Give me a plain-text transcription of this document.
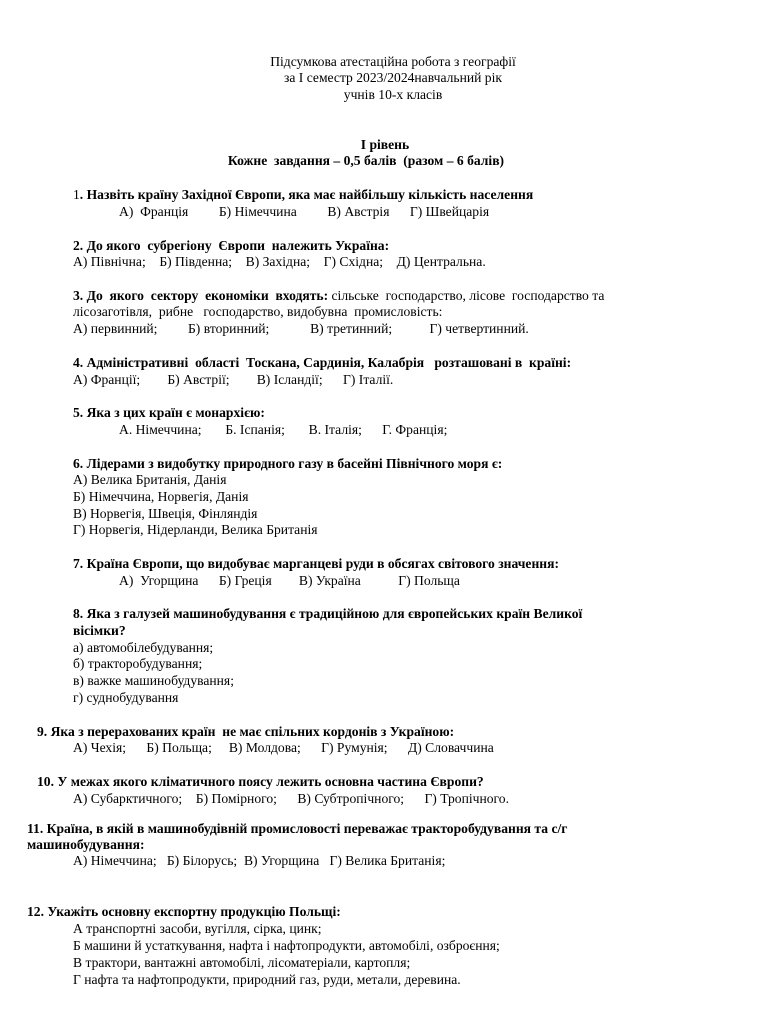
Підсумкова атестаційна робота з географії
за І семестр 2023/2024навчальний рік
учнів 10-х класів
І рівень
Кожне  завдання – 0,5 балів  (разом – 6 балів)
1. Назвіть країну Західної Європи, яка має найбільшу кількість населення
А)  Франція         Б) Німеччина         В) Австрія      Г) Швейцарія
2. До якого  субрегіону  Європи  належить Україна:
А) Північна;    Б) Південна;    В) Західна;    Г) Східна;    Д) Центральна.
3. До  якого  сектору  економіки  входять: сільське  господарство, лісове  господарство та
лісозаготівля,  рибне   господарство, видобувна  промисловість:
А) первинний;         Б) вторинний;            В) третинний;           Г) четвертинний.
4. Адміністративні  області  Тоскана, Сардинія, Калабрія   розташовані в  країні:
А) Франції;        Б) Австрії;        В) Ісландії;      Г) Італії.
5. Яка з цих країн є монархією:
А. Німеччина;       Б. Іспанія;       В. Італія;      Г. Франція;
6. Лідерами з видобутку природного газу в басейні Північного моря є:
А) Велика Британія, Данія
Б) Німеччина, Норвегія, Данія
В) Норвегія, Швеція, Фінляндія
Г) Норвегія, Нідерланди, Велика Британія
7. Країна Європи, що видобуває марганцеві руди в обсягах світового значення:
А)  Угорщина      Б) Греція        В) Україна           Г) Польща
8. Яка з галузей машинобудування є традиційною для європейських країн Великої
вісімки?
а) автомобілебудування;
б) тракторобудування;
в) важке машинобудування;
г) суднобудування
9. Яка з перерахованих країн  не має спільних кордонів з Україною:
А) Чехія;      Б) Польща;     В) Молдова;      Г) Румунія;      Д) Словаччина
10. У межах якого кліматичного поясу лежить основна частина Європи?
А) Субарктичного;    Б) Помірного;      В) Субтропічного;      Г) Тропічного.
11. Країна, в якій в машинобудівній промисловості переважає тракторобудування та с/г
машинобудування:
А) Німеччина;   Б) Білорусь;  В) Угорщина   Г) Велика Британія;
12. Укажіть основну експортну продукцію Польщі:
А транспортні засоби, вугілля, сірка, цинк;
Б машини й устаткування, нафта і нафтопродукти, автомобілі, озброєння;
В трактори, вантажні автомобілі, лісоматеріали, картопля;
Г нафта та нафтопродукти, природний газ, руди, метали, деревина.
